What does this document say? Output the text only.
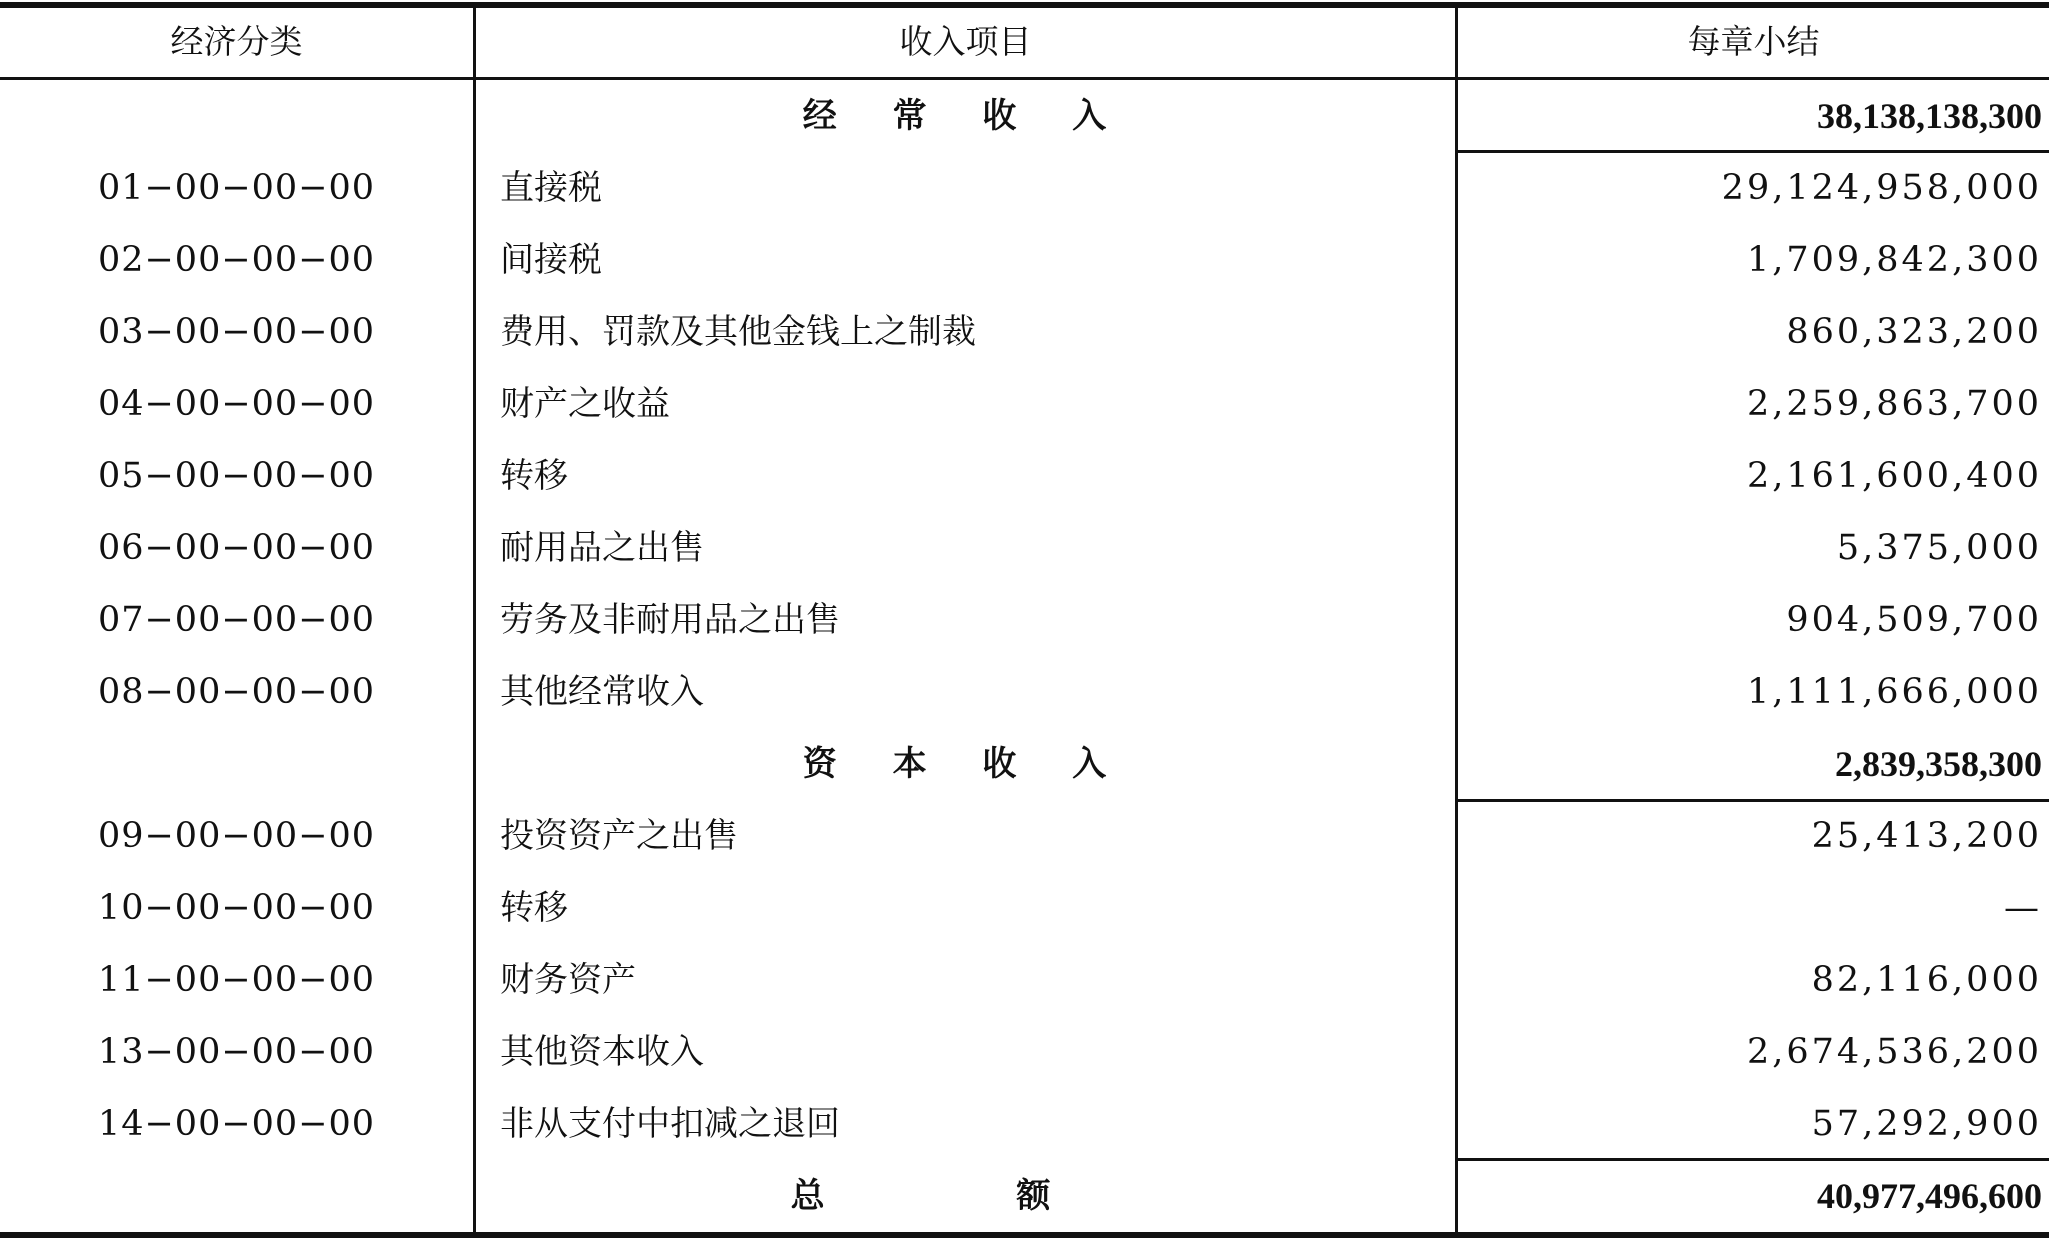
经济分类	收入项目	每章小结
经 常 收 入	38,138,138,300
01−00−00−00	直接税	29,124,958,000
02−00−00−00	间接税	1,709,842,300
03−00−00−00	费用、罚款及其他金钱上之制裁	860,323,200
04−00−00−00	财产之收益	2,259,863,700
05−00−00−00	转移	2,161,600,400
06−00−00−00	耐用品之出售	5,375,000
07−00−00−00	劳务及非耐用品之出售	904,509,700
08−00−00−00	其他经常收入	1,111,666,000
资 本 收 入	2,839,358,300
09−00−00−00	投资资产之出售	25,413,200
10−00−00−00	转移	—
11−00−00−00	财务资产	82,116,000
13−00−00−00	其他资本收入	2,674,536,200
14−00−00−00	非从支付中扣减之退回	57,292,900
总 额	40,977,496,600
